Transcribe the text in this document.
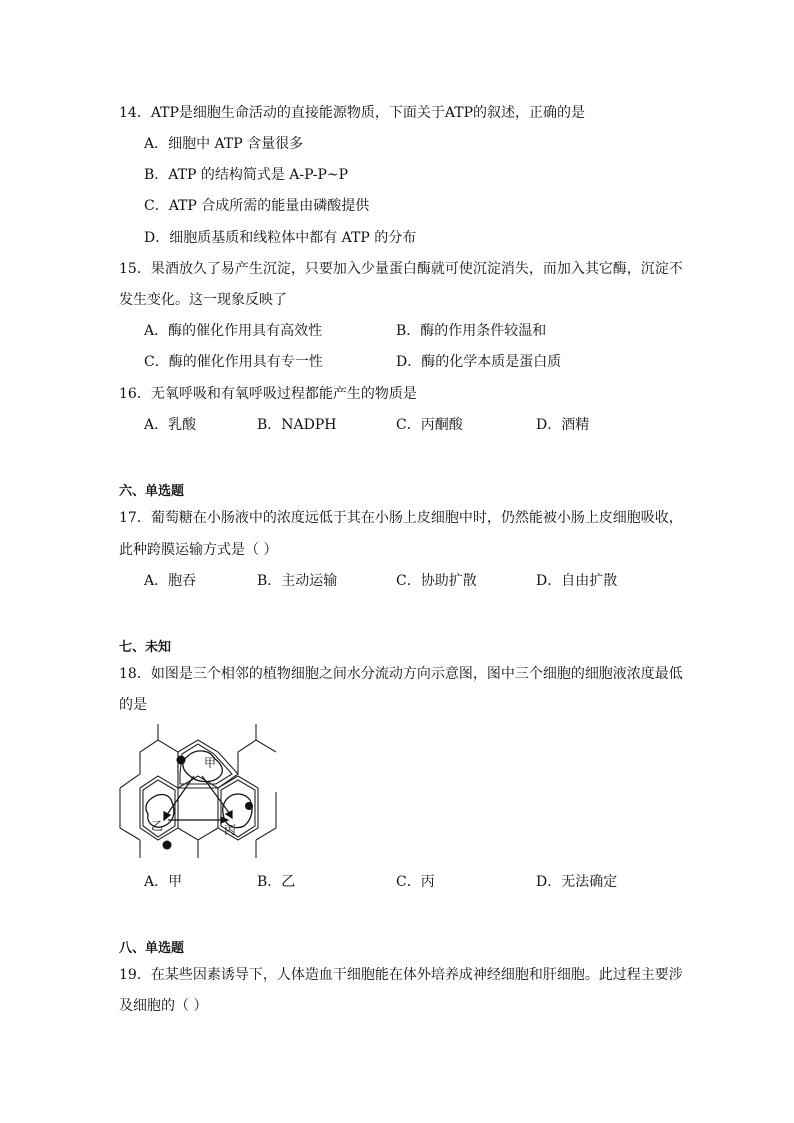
14．ATP是细胞生命活动的直接能源物质，下面关于ATP的叙述，正确的是
A．细胞中 ATP 含量很多
B．ATP 的结构简式是 A-P-P~P
C．ATP 合成所需的能量由磷酸提供
D．细胞质基质和线粒体中都有 ATP 的分布
15．果酒放久了易产生沉淀，只要加入少量蛋白酶就可使沉淀消失，而加入其它酶，沉淀不
发生变化。这一现象反映了
A．酶的催化作用具有高效性	B．酶的作用条件较温和
C．酶的催化作用具有专一性	D．酶的化学本质是蛋白质
16．无氧呼吸和有氧呼吸过程都能产生的物质是
A．乳酸	B．NADPH	C．丙酮酸	D．酒精
六、单选题
17．葡萄糖在小肠液中的浓度远低于其在小肠上皮细胞中时，仍然能被小肠上皮细胞吸收，
此种跨膜运输方式是（ ）
A．胞吞	B．主动运输	C．协助扩散	D．自由扩散
七、未知
18．如图是三个相邻的植物细胞之间水分流动方向示意图，图中三个细胞的细胞液浓度最低
的是
甲
乙	丙
A．甲	B．乙	C．丙	D．无法确定
八、单选题
19．在某些因素诱导下，人体造血干细胞能在体外培养成神经细胞和肝细胞。此过程主要涉
及细胞的（ ）
